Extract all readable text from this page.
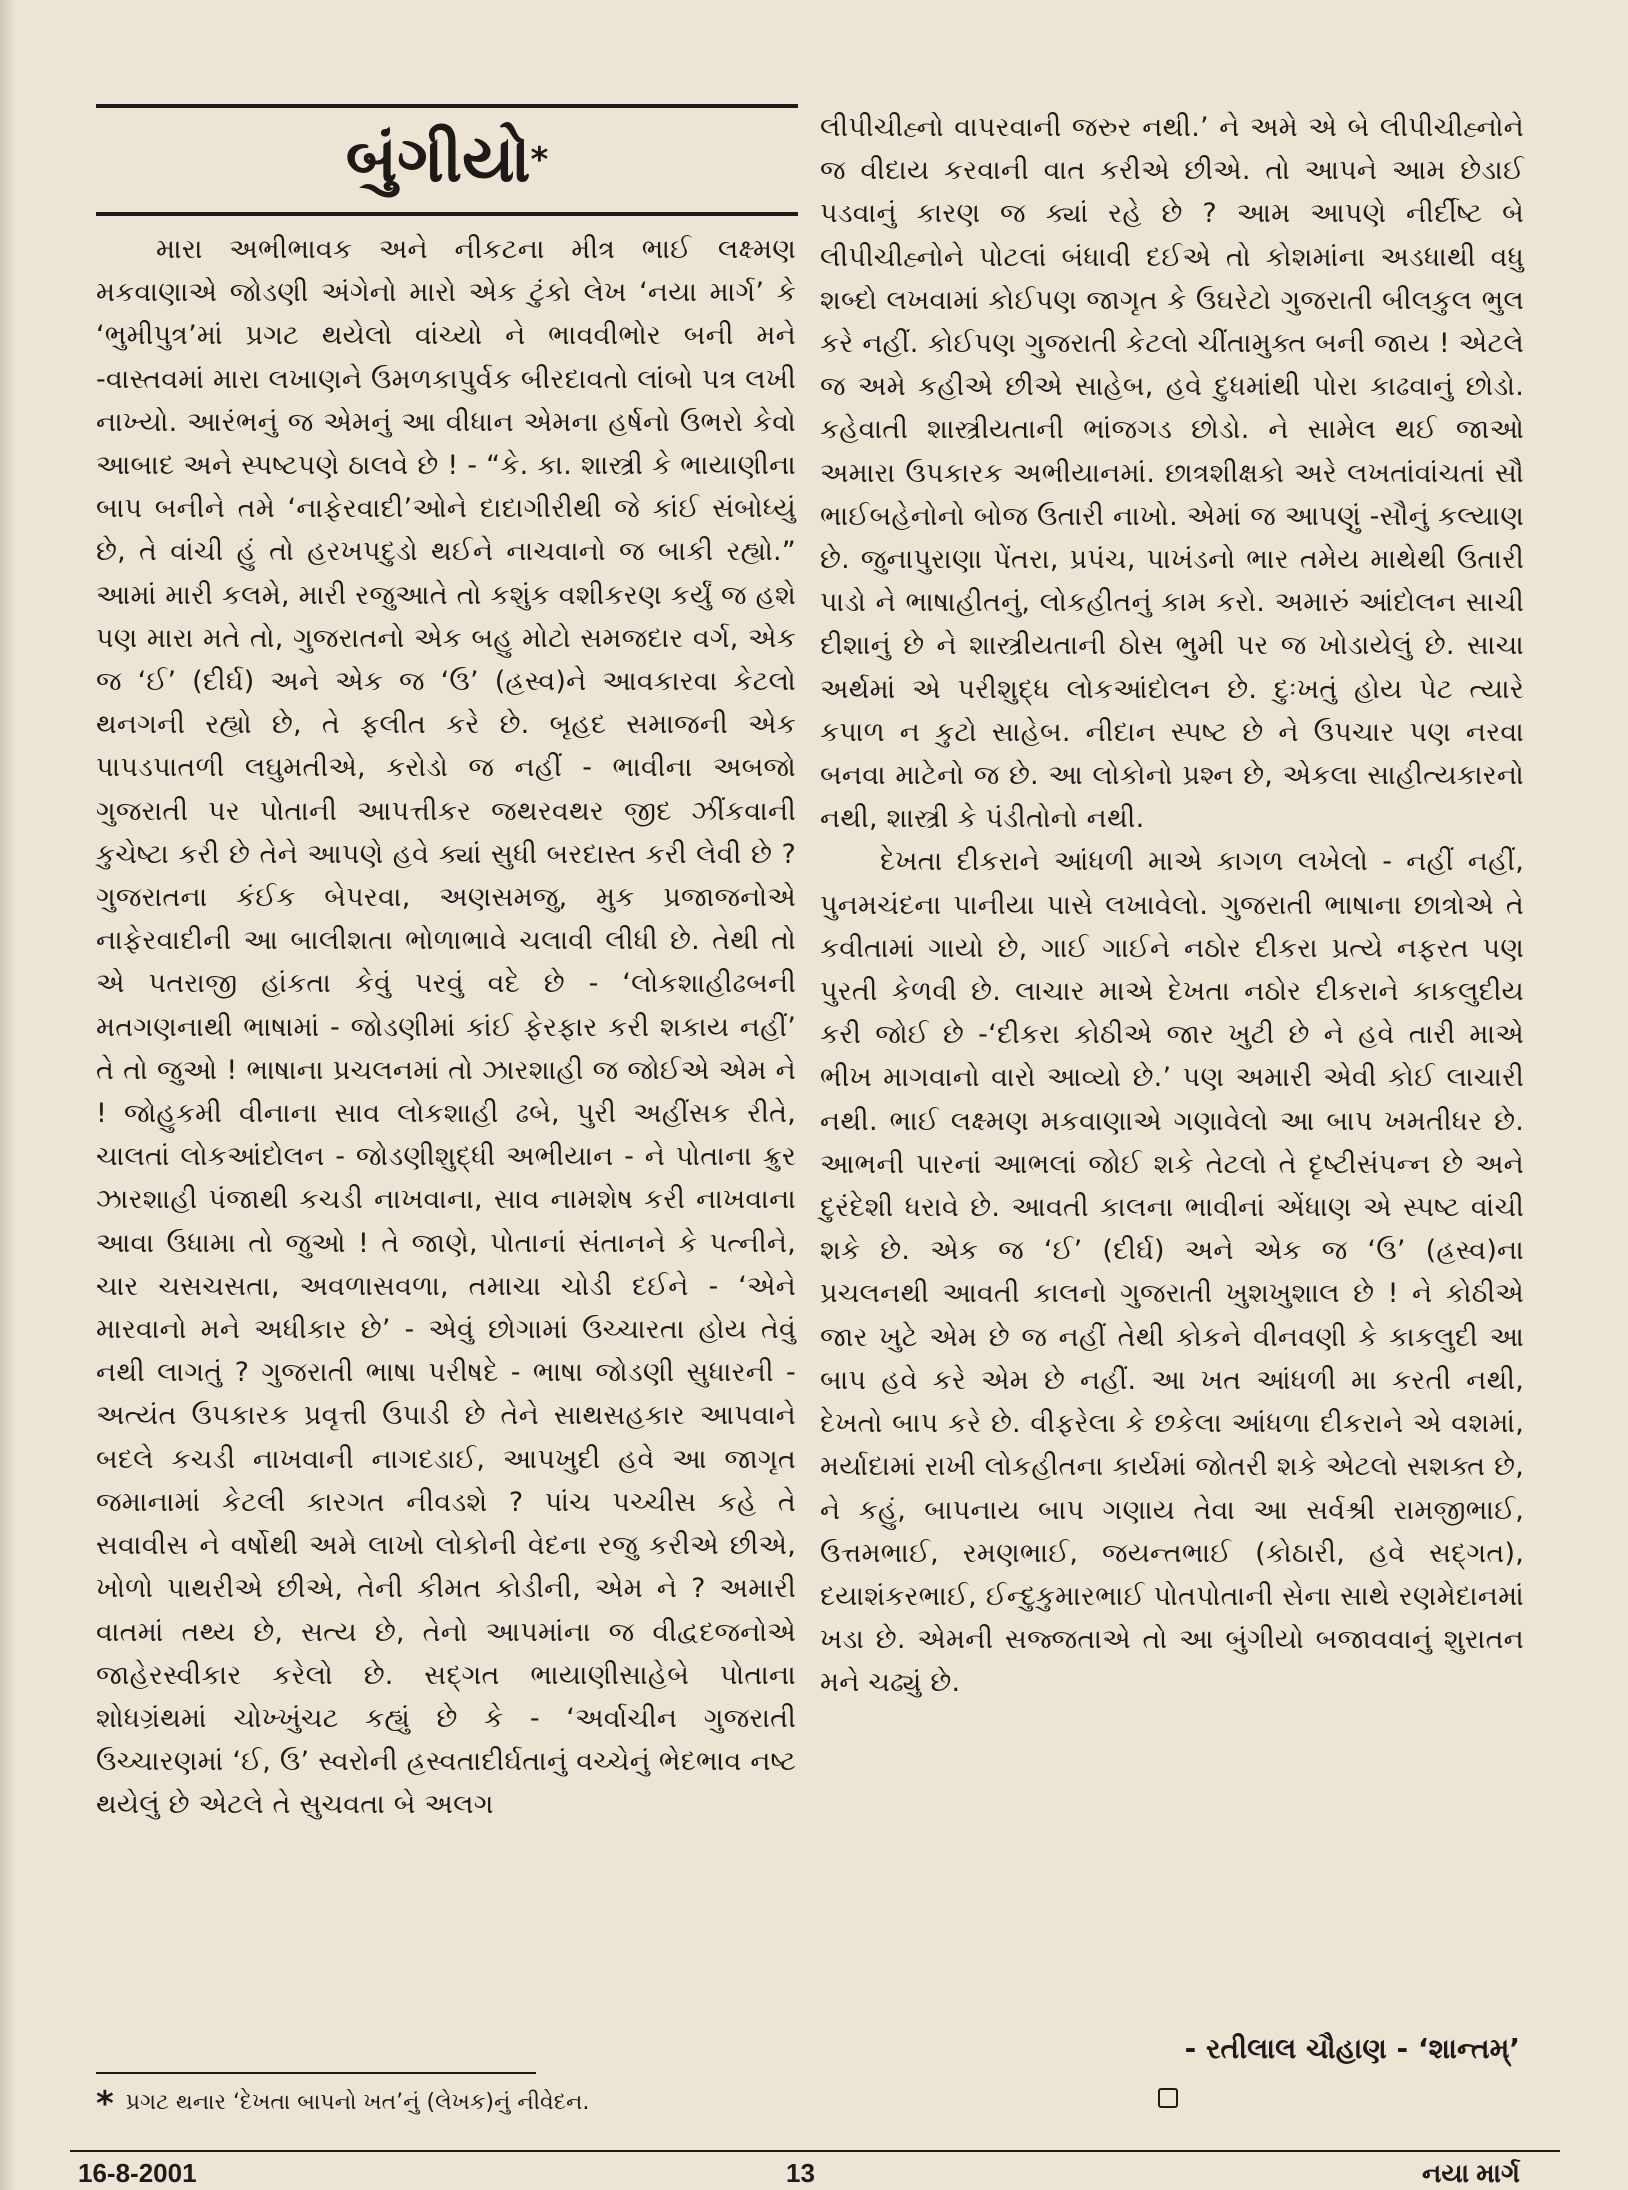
બુંગીયો*

મારા અભીભાવક અને નીકટના મીત્ર ભાઈ લક્ષ્મણ મકવાણાએ જોડણી અંગેનો મારો એક ટુંકો લેખ ‘નયા માર્ગ’ કે ‘ભુમીપુત્ર’માં પ્રગટ થયેલો વાંચ્યો ને ભાવવીભોર બની મને -વાસ્તવમાં મારા લખાણને ઉમળકાપુર્વક બીરદાવતો લાંબો પત્ર લખી નાખ્યો. આરંભનું જ એમનું આ વીધાન એમના હર્ષનો ઉભરો કેવો આબાદ અને સ્પષ્ટપણે ઠાલવે છે ! - “કે. કા. શાસ્ત્રી કે ભાયાણીના બાપ બનીને તમે ‘નાફેરવાદી’ઓને દાદાગીરીથી જે કાંઈ સંબોધ્યું છે, તે વાંચી હું તો હરખપદુડો થઈને નાચવાનો જ બાકી રહ્યો.” આમાં મારી કલમે, મારી રજુઆતે તો કશુંક વશીકરણ કર્યું જ હશે પણ મારા મતે તો, ગુજરાતનો એક બહુ મોટો સમજદાર વર્ગ, એક જ ‘ઈ’ (દીર્ઘ) અને એક જ ‘ઉ’ (હ્રસ્વ)ને આવકારવા કેટલો થનગની રહ્યો છે, તે ફલીત કરે છે. બૃહદ સમાજની એક પાપડપાતળી લઘુમતીએ, કરોડો જ નહીં - ભાવીના અબજો ગુજરાતી પર પોતાની આપત્તીકર જથરવથર જીદ ઝીંકવાની કુચેષ્ટા કરી છે તેને આપણે હવે ક્યાં સુધી બરદાસ્ત કરી લેવી છે ? ગુજરાતના કંઈક બેપરવા, અણસમજુ, મુક પ્રજાજનોએ નાફેરવાદીની આ બાલીશતા ભોળાભાવે ચલાવી લીધી છે. તેથી તો એ પતરાજી હાંકતા કેવું પરવું વદે છે - ‘લોકશાહીઢબની મતગણનાથી ભાષામાં - જોડણીમાં કાંઈ ફેરફાર કરી શકાય નહીં’ તે તો જુઓ ! ભાષાના પ્રચલનમાં તો ઝારશાહી જ જોઈએ એમ ને ! જોહુકમી વીનાના સાવ લોકશાહી ઢબે, પુરી અહીંસક રીતે, ચાલતાં લોકઆંદોલન - જોડણીશુદ્ધી અભીયાન - ને પોતાના ક્રુર ઝારશાહી પંજાથી કચડી નાખવાના, સાવ નામશેષ કરી નાખવાના આવા ઉધામા તો જુઓ ! તે જાણે, પોતાનાં સંતાનને કે પત્નીને, ચાર ચસચસતા, અવળાસવળા, તમાચા ચોડી દઈને - ‘એને મારવાનો મને અધીકાર છે’ - એવું છોગામાં ઉચ્ચારતા હોય તેવું નથી લાગતું ? ગુજરાતી ભાષા પરીષદે - ભાષા જોડણી સુધારની - અત્યંત ઉપકારક પ્રવૃત્તી ઉપાડી છે તેને સાથસહકાર આપવાને બદલે કચડી નાખવાની નાગદડાઈ, આપખુદી હવે આ જાગૃત જમાનામાં કેટલી કારગત નીવડશે ? પાંચ પચ્ચીસ કહે તે સવાવીસ ને વર્ષોથી અમે લાખો લોકોની વેદના રજુ કરીએ છીએ, ખોળો પાથરીએ છીએ, તેની કીમત કોડીની, એમ ને ? અમારી વાતમાં તથ્ય છે, સત્ય છે, તેનો આપમાંના જ વીદ્વદજનોએ જાહેરસ્વીકાર કરેલો છે. સદ્ગત ભાયાણીસાહેબે પોતાના શોધગ્રંથમાં ચોખ્ખુંચટ કહ્યું છે કે - ‘અર્વાચીન ગુજરાતી ઉચ્ચારણમાં ‘ઈ, ઉ’ સ્વરોની હ્રસ્વતાદીર્ઘતાનું વચ્ચેનું ભેદભાવ નષ્ટ થયેલું છે એટલે તે સુચવતા બે અલગ

લીપીચીહ્નો વાપરવાની જરુર નથી.’ ને અમે એ બે લીપીચીહ્નોને જ વીદાય કરવાની વાત કરીએ છીએ. તો આપને આમ છેડાઈ પડવાનું કારણ જ ક્યાં રહે છે ? આમ આપણે નીર્દીષ્ટ બે લીપીચીહ્નોને પોટલાં બંધાવી દઈએ તો કોશમાંના અડધાથી વધુ શબ્દો લખવામાં કોઈપણ જાગૃત કે ઉઘરેટો ગુજરાતી બીલકુલ ભુલ કરે નહીં. કોઈપણ ગુજરાતી કેટલો ચીંતામુક્ત બની જાય ! એટલે જ અમે કહીએ છીએ સાહેબ, હવે દુધમાંથી પોરા કાઢવાનું છોડો. કહેવાતી શાસ્ત્રીયતાની ભાંજગડ છોડો. ને સામેલ થઈ જાઓ અમારા ઉપકારક અભીયાનમાં. છાત્રશીક્ષકો અરે લખતાંવાંચતાં સૌ ભાઈબહેનોનો બોજ ઉતારી નાખો. એમાં જ આપણું -સૌનું કલ્યાણ છે. જુનાપુરાણા પેંતરા, પ્રપંચ, પાખંડનો ભાર તમેય માથેથી ઉતારી પાડો ને ભાષાહીતનું, લોકહીતનું કામ કરો. અમારું આંદોલન સાચી દીશાનું છે ને શાસ્ત્રીયતાની ઠોસ ભુમી પર જ ખોડાયેલું છે. સાચા અર્થમાં એ પરીશુદ્ધ લોકઆંદોલન છે. દુઃખતું હોય પેટ ત્યારે કપાળ ન કુટો સાહેબ. નીદાન સ્પષ્ટ છે ને ઉપચાર પણ નરવા બનવા માટેનો જ છે. આ લોકોનો પ્રશ્ન છે, એકલા સાહીત્યકારનો નથી, શાસ્ત્રી કે પંડીતોનો નથી.

દેખતા દીકરાને આંધળી માએ કાગળ લખેલો - નહીં નહીં, પુનમચંદના પાનીયા પાસે લખાવેલો. ગુજરાતી ભાષાના છાત્રોએ તે કવીતામાં ગાયો છે, ગાઈ ગાઈને નઠોર દીકરા પ્રત્યે નફરત પણ પુરતી કેળવી છે. લાચાર માએ દેખતા નઠોર દીકરાને કાકલુદીય કરી જોઈ છે -‘દીકરા કોઠીએ જાર ખુટી છે ને હવે તારી માએ ભીખ માગવાનો વારો આવ્યો છે.’ પણ અમારી એવી કોઈ લાચારી નથી. ભાઈ લક્ષ્મણ મકવાણાએ ગણાવેલો આ બાપ ખમતીધર છે. આભની પારનાં આભલાં જોઈ શકે તેટલો તે દૃષ્ટીસંપન્ન છે અને દુરંદેશી ધરાવે છે. આવતી કાલના ભાવીનાં એંધાણ એ સ્પષ્ટ વાંચી શકે છે. એક જ ‘ઈ’ (દીર્ઘ) અને એક જ ‘ઉ’ (હ્રસ્વ)ના પ્રચલનથી આવતી કાલનો ગુજરાતી ખુશખુશાલ છે ! ને કોઠીએ જાર ખુટે એમ છે જ નહીં તેથી કોકને વીનવણી કે કાકલુદી આ બાપ હવે કરે એમ છે નહીં. આ ખત આંધળી મા કરતી નથી, દેખતો બાપ કરે છે. વીફરેલા કે છકેલા આંધળા દીકરાને એ વશમાં, મર્યાદામાં રાખી લોકહીતના કાર્યમાં જોતરી શકે એટલો સશક્ત છે, ને કહું, બાપનાય બાપ ગણાય તેવા આ સર્વશ્રી રામજીભાઈ, ઉત્તમભાઈ, રમણભાઈ, જયન્તભાઈ (કોઠારી, હવે સદ્ગત), દયાશંકરભાઈ, ઈન્દુકુમારભાઈ પોતપોતાની સેના સાથે રણમેદાનમાં ખડા છે. એમની સજ્જતાએ તો આ બુંગીયો બજાવવાનું શુરાતન મને ચઢ્યું છે.

- રતીલાલ ચૌહાણ - ‘શાન્તમ્’
* પ્રગટ થનાર ‘દેખતા બાપનો ખત’નું (લેખક)નું નીવેદન.
16-8-2001	13	નયા માર્ગ
